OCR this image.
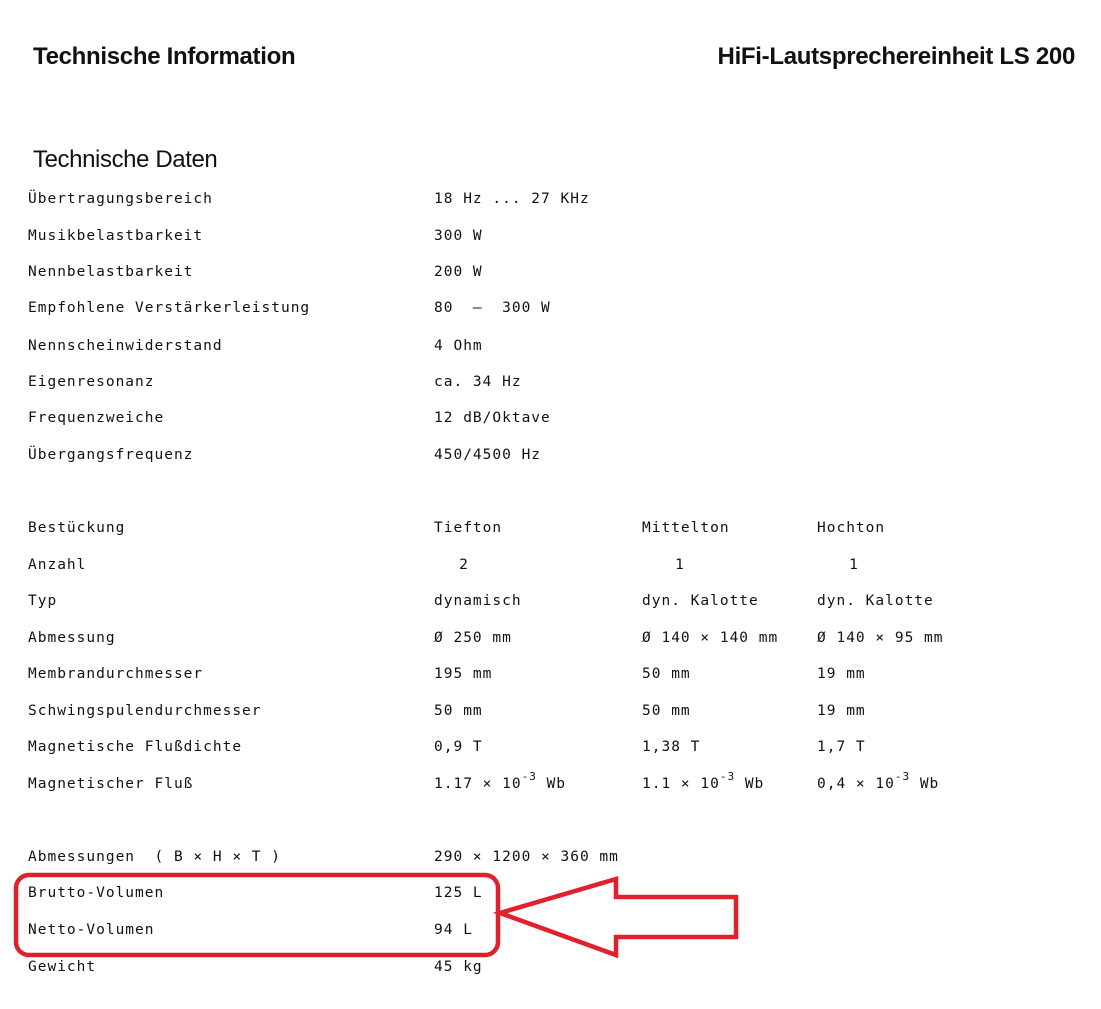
Technische Information	HiFi-Lautsprechereinheit LS 200
Technische Daten
Übertragungsbereich	18 Hz ... 27 KHz
Musikbelastbarkeit	300 W
Nennbelastbarkeit	200 W
Empfohlene Verstärkerleistung	80  –  300 W
Nennscheinwiderstand	4 Ohm
Eigenresonanz	ca. 34 Hz
Frequenzweiche	12 dB/Oktave
Übergangsfrequenz	450/4500 Hz
Bestückung	Tiefton	Mittelton	Hochton
Anzahl	2	1	1
Typ	dynamisch	dyn. Kalotte	dyn. Kalotte
Abmessung	Ø 250 mm	Ø 140 × 140 mm	Ø 140 × 95 mm
Membrandurchmesser	195 mm	50 mm	19 mm
Schwingspulendurchmesser	50 mm	50 mm	19 mm
Magnetische Flußdichte	0,9 T	1,38 T	1,7 T
Magnetischer Fluß	$1.17 \times 10^{-3}$ Wb	$1.1 \times 10^{-3}$ Wb	$0,4 \times 10^{-3}$ Wb
Abmessungen  ( B × H × T )	290 × 1200 × 360 mm
Brutto-Volumen	125 L
Netto-Volumen	94 L
Gewicht	45 kg
